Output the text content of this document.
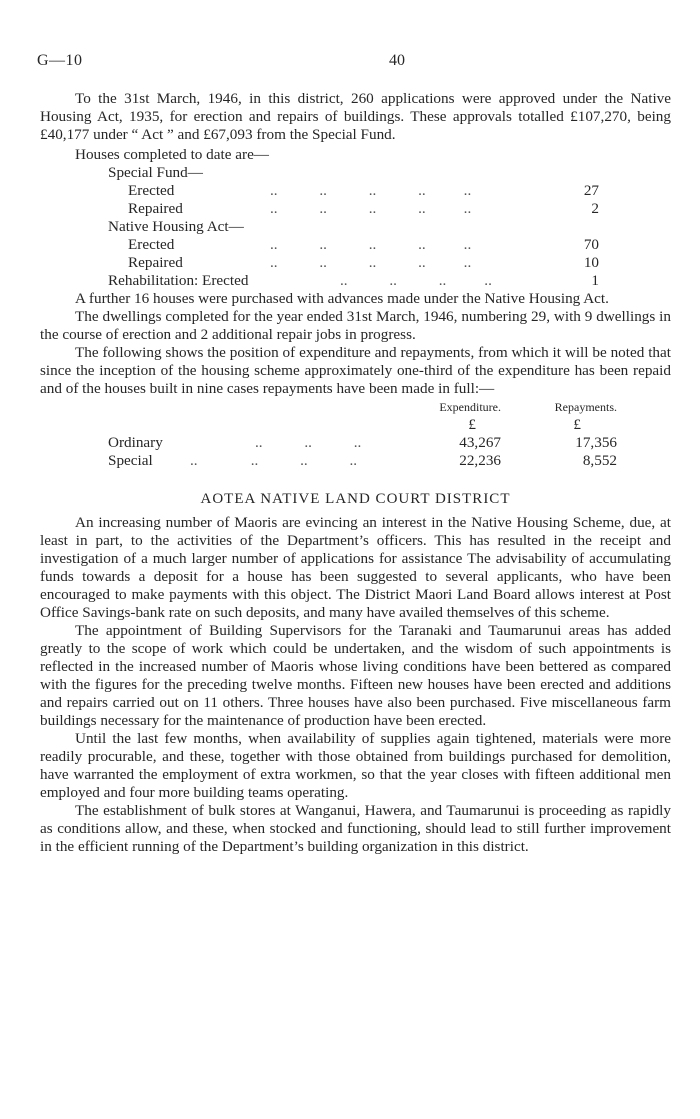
G—10	40

To the 31st March, 1946, in this district, 260 applications were approved under the Native Housing Act, 1935, for erection and repairs of buildings. These approvals totalled £107,270, being £40,177 under “ Act ” and £67,093 from the Special Fund.

Houses completed to date are—
Special Fund—
Erected	..           ..           ..           ..          ..	27
Repaired	..           ..           ..           ..          ..	2
Native Housing Act—
Erected	..           ..           ..           ..          ..	70
Repaired	..           ..           ..           ..          ..	10
Rehabilitation: Erected	..           ..           ..          ..	1

A further 16 houses were purchased with advances made under the Native Housing Act.

The dwellings completed for the year ended 31st March, 1946, numbering 29, with 9 dwellings in the course of erection and 2 additional repair jobs in progress.

The following shows the position of expenditure and repayments, from which it will be noted that since the inception of the housing scheme approximately one-third of the expenditure has been repaid and of the houses built in nine cases repayments have been made in full:—

Expenditure.	Repayments.
£	£
Ordinary	..           ..           ..	43,267	17,356
Special ..              ..           ..           ..	22,236	8,552
AOTEA NATIVE LAND COURT DISTRICT

An increasing number of Maoris are evincing an interest in the Native Housing Scheme, due, at least in part, to the activities of the Department’s officers. This has resulted in the receipt and investigation of a much larger number of applications for assistance The advisability of accumulating funds towards a deposit for a house has been suggested to several applicants, who have been encouraged to make payments with this object. The District Maori Land Board allows interest at Post Office Savings-bank rate on such deposits, and many have availed themselves of this scheme.

The appointment of Building Supervisors for the Taranaki and Taumarunui areas has added greatly to the scope of work which could be undertaken, and the wisdom of such appointments is reflected in the increased number of Maoris whose living conditions have been bettered as compared with the figures for the preceding twelve months. Fifteen new houses have been erected and additions and repairs carried out on 11 others. Three houses have also been purchased. Five miscellaneous farm buildings necessary for the maintenance of production have been erected.

Until the last few months, when availability of supplies again tightened, materials were more readily procurable, and these, together with those obtained from buildings purchased for demolition, have warranted the employment of extra workmen, so that the year closes with fifteen additional men employed and four more building teams operating.

The establishment of bulk stores at Wanganui, Hawera, and Taumarunui is proceeding as rapidly as conditions allow, and these, when stocked and functioning, should lead to still further improvement in the efficient running of the Department’s building organization in this district.
